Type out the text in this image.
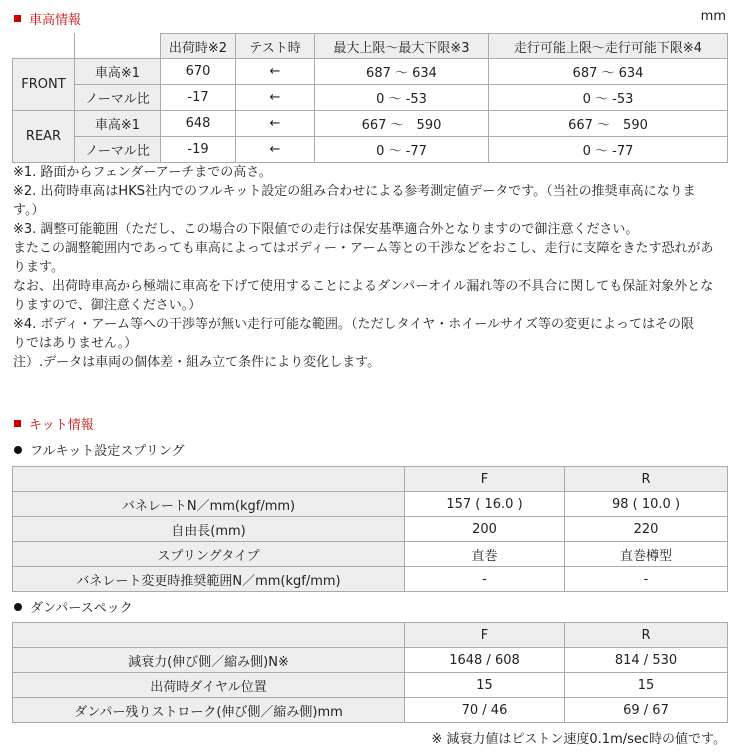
車高情報	mm
		出荷時※2	テスト時	最大上限～最大下限※3	走行可能上限～走行可能下限※4
FRONT	車高※1	670	←	687 ～ 634	687 ～ 634
	ノーマル比	-17	←	0 ～ -53	0 ～ -53
REAR	車高※1	648	←	667 ～　590	667 ～　590
	ノーマル比	-19	←	0 ～ -77	0 ～ -77

※1. 路面からフェンダーアーチまでの高さ。

※2. 出荷時車高はHKS社内でのフルキット設定の組み合わせによる参考測定値データです。（当社の推奨車高になりま

す。）

※3. 調整可能範囲（ただし、この場合の下限値での走行は保安基準適合外となりますので御注意ください。

またこの調整範囲内であっても車高によってはボディー・アーム等との干渉などをおこし、走行に支障をきたす恐れがあ

ります。

なお、出荷時車高から極端に車高を下げて使用することによるダンパーオイル漏れ等の不具合に関しても保証対象外とな

りますので、御注意ください。）

※4. ボディ・アーム等への干渉等が無い走行可能な範囲。（ただしタイヤ・ホイールサイズ等の変更によってはその限

りではありません。）

注）.データは車両の個体差・組み立て条件により変化します。

キット情報
フルキット設定スプリング
	F	R
バネレートN／mm(kgf/mm)	157 ( 16.0 )	98 ( 10.0 )
自由長(mm)	200	220
スプリングタイプ	直巻	直巻樽型
バネレート変更時推奨範囲N／mm(kgf/mm)	-	-
ダンパースペック
	F	R
減衰力(伸び側／縮み側)N※	1648 / 608	814 / 530
出荷時ダイヤル位置	15	15
ダンパー残りストローク(伸び側／縮み側)mm	70 / 46	69 / 67
※ 減衰力値はピストン速度0.1m/sec時の値です。
